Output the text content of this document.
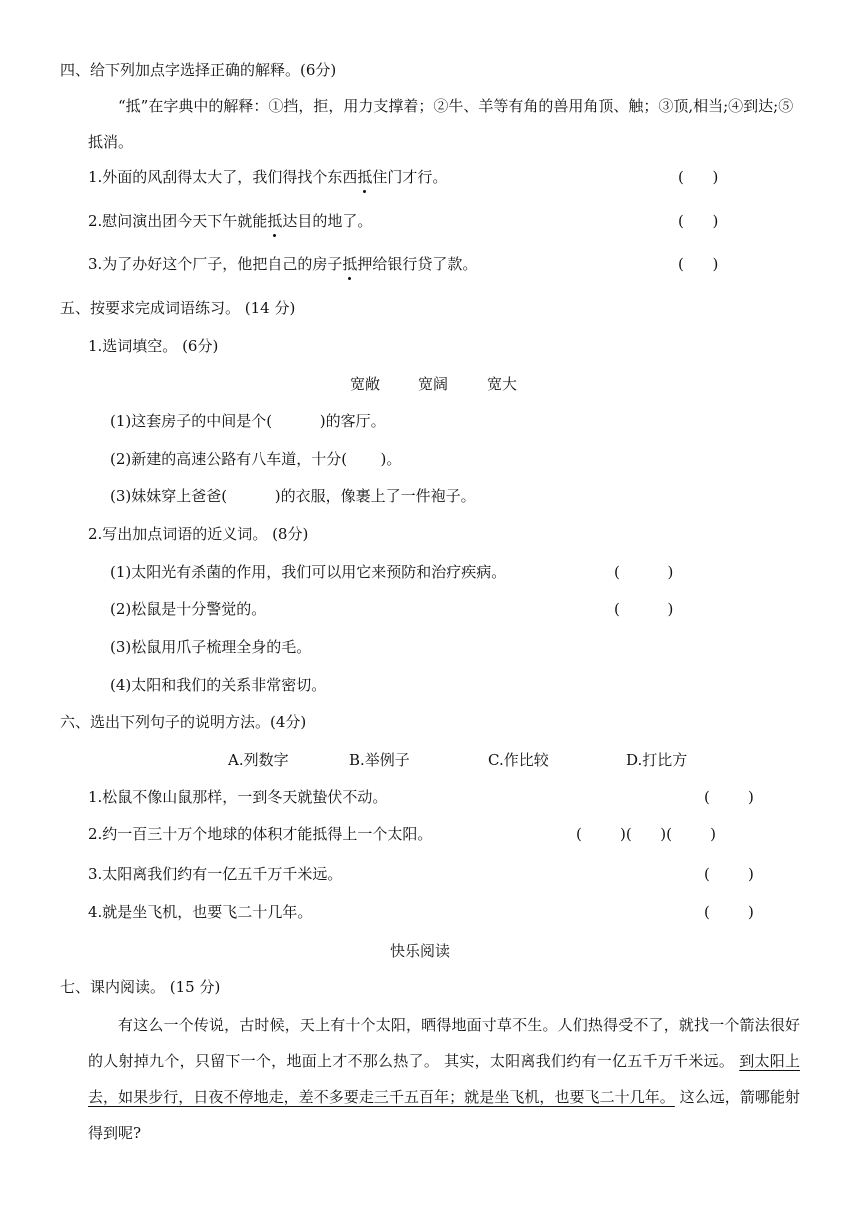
四、给下列加点字选择正确的解释。(6分)
“抵”在字典中的解释：①挡，拒，用力支撑着；②牛、羊等有角的兽用角顶、触；③顶,相当;④到达;⑤抵消。
1.外面的风刮得太大了，我们得找个东西抵住门才行。	(      )
2.慰问演出团今天下午就能抵达目的地了。	(      )
3.为了办好这个厂子，他把自己的房子抵押给银行贷了款。	(      )
五、按要求完成词语练习。 (14 分)
1.选词填空。 (6分)
宽敞	宽阔	宽大
(1)这套房子的中间是个(          )的客厅。
(2)新建的高速公路有八车道，十分(       )。
(3)妹妹穿上爸爸(          )的衣服，像裹上了一件袍子。
2.写出加点词语的近义词。 (8分)
(1)太阳光有杀菌的作用，我们可以用它来预防和治疗疾病。	(          )
(2)松鼠是十分警觉的。	(          )
(3)松鼠用爪子梳理全身的毛。
(4)太阳和我们的关系非常密切。
六、选出下列句子的说明方法。(4分)
A.列数字	B.举例子	C.作比较	D.打比方
1.松鼠不像山鼠那样，一到冬天就蛰伏不动。	(        )
2.约一百三十万个地球的体积才能抵得上一个太阳。	(        )(      )(        )
3.太阳离我们约有一亿五千万千米远。	(        )
4.就是坐飞机，也要飞二十几年。	(        )
快乐阅读
七、课内阅读。 (15 分)
有这么一个传说，古时候，天上有十个太阳，晒得地面寸草不生。人们热得受不了，就找一个箭法很好的人射掉九个，只留下一个，地面上才不那么热了。 其实，太阳离我们约有一亿五千万千米远。 到太阳上去，如果步行，日夜不停地走，差不多要走三千五百年；就是坐飞机，也要飞二十几年。 这么远，箭哪能射得到呢?
